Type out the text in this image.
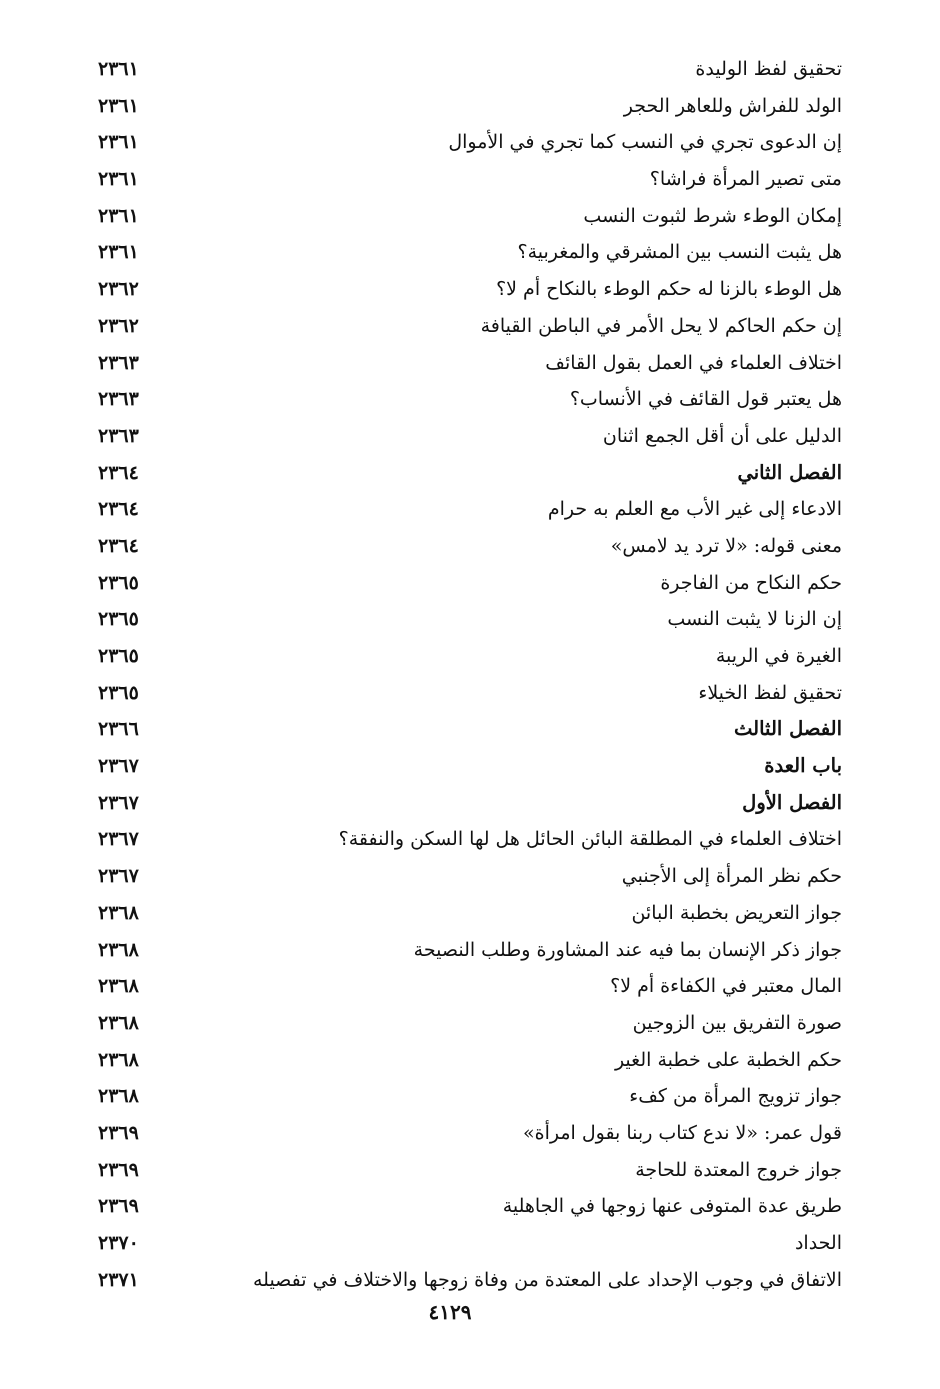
تحقيق لفظ الوليدة
٢٣٦١
الولد للفراش وللعاهر الحجر
٢٣٦١
إن الدعوى تجري في النسب كما تجري في الأموال
٢٣٦١
متى تصير المرأة فراشا؟
٢٣٦١
إمكان الوطء شرط لثبوت النسب
٢٣٦١
هل يثبت النسب بين المشرقي والمغربية؟
٢٣٦١
هل الوطء بالزنا له حكم الوطء بالنكاح أم لا؟
٢٣٦٢
إن حكم الحاكم لا يحل الأمر في الباطن القيافة
٢٣٦٢
اختلاف العلماء في العمل بقول القائف
٢٣٦٣
هل يعتبر قول القائف في الأنساب؟
٢٣٦٣
الدليل على أن أقل الجمع اثنان
٢٣٦٣
الفصل الثاني
٢٣٦٤
الادعاء إلى غير الأب مع العلم به حرام
٢٣٦٤
معنى قوله: «لا ترد يد لامس»
٢٣٦٤
حكم النكاح من الفاجرة
٢٣٦٥
إن الزنا لا يثبت النسب
٢٣٦٥
الغيرة في الريبة
٢٣٦٥
تحقيق لفظ الخيلاء
٢٣٦٥
الفصل الثالث
٢٣٦٦
باب العدة
٢٣٦٧
الفصل الأول
٢٣٦٧
اختلاف العلماء في المطلقة البائن الحائل هل لها السكن والنفقة؟
٢٣٦٧
حكم نظر المرأة إلى الأجنبي
٢٣٦٧
جواز التعريض بخطبة البائن
٢٣٦٨
جواز ذكر الإنسان بما فيه عند المشاورة وطلب النصيحة
٢٣٦٨
المال معتبر في الكفاءة أم لا؟
٢٣٦٨
صورة التفريق بين الزوجين
٢٣٦٨
حكم الخطبة على خطبة الغير
٢٣٦٨
جواز تزويج المرأة من كفء
٢٣٦٨
قول عمر: «لا ندع كتاب ربنا بقول امرأة»
٢٣٦٩
جواز خروج المعتدة للحاجة
٢٣٦٩
طريق عدة المتوفى عنها زوجها في الجاهلية
٢٣٦٩
الحداد
٢٣٧٠
الاتفاق في وجوب الإحداد على المعتدة من وفاة زوجها والاختلاف في تفصيله
٢٣٧١
٤١٢٩
